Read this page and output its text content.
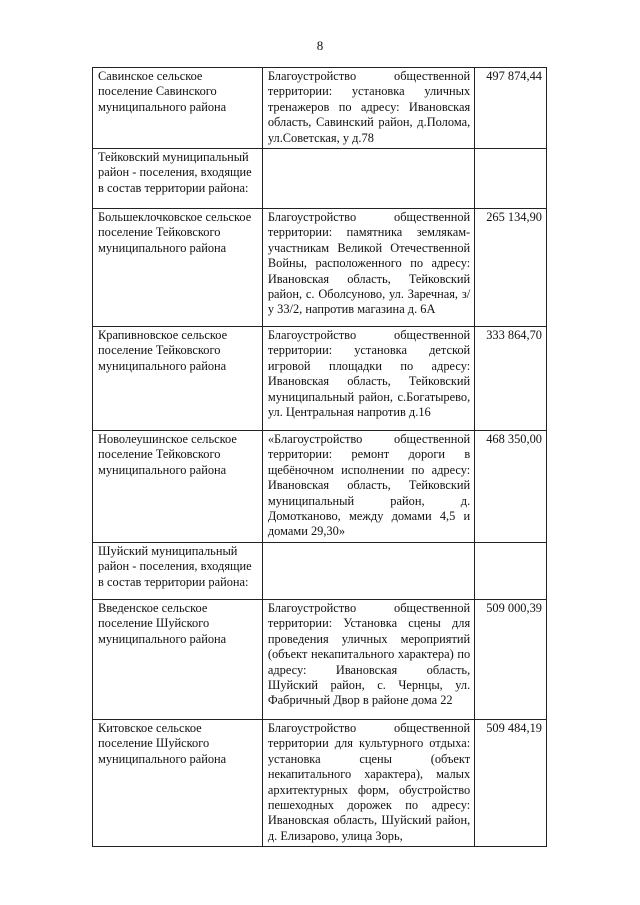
8
Савинское сельское поселение Савинского муниципального района	Благоустройство общественной территории: установка уличных тренажеров по адресу: Ивановская область, Савинский район, д.Полома, ул.Советская, у д.78	497 874,44
Тейковский муниципальный район - поселения, входящие в состав территории района:		
Большеклочковское сельское поселение Тейковского муниципального района	Благоустройство общественной территории: памятника землякам-участникам Великой Отечественной Войны, расположенного по адресу: Ивановская область, Тейковский район, с. Оболсуново, ул. Заречная, з/у 33/2, напротив магазина д. 6А	265 134,90
Крапивновское сельское поселение Тейковского муниципального района	Благоустройство общественной территории: установка детской игровой площадки по адресу: Ивановская область, Тейковский муниципальный район, с.Богатырево, ул. Центральная напротив д.16	333 864,70
Новолеушинское сельское поселение Тейковского муниципального района	«Благоустройство общественной территории: ремонт дороги в щебёночном исполнении по адресу: Ивановская область, Тейковский муниципальный район, д. Домотканово, между домами 4,5 и домами 29,30»	468 350,00
Шуйский муниципальный район - поселения, входящие в состав территории района:		
Введенское сельское поселение Шуйского муниципального района	Благоустройство общественной территории: Установка сцены для проведения уличных мероприятий (объект некапитального характера) по адресу: Ивановская область, Шуйский район, с. Чернцы, ул. Фабричный Двор в районе дома 22	509 000,39
Китовское сельское поселение Шуйского муниципального района	Благоустройство общественной территории для культурного отдыха: установка сцены (объект некапитального характера), малых архитектурных форм, обустройство пешеходных дорожек по адресу: Ивановская область, Шуйский район, д. Елизарово, улица Зорь,	509 484,19
